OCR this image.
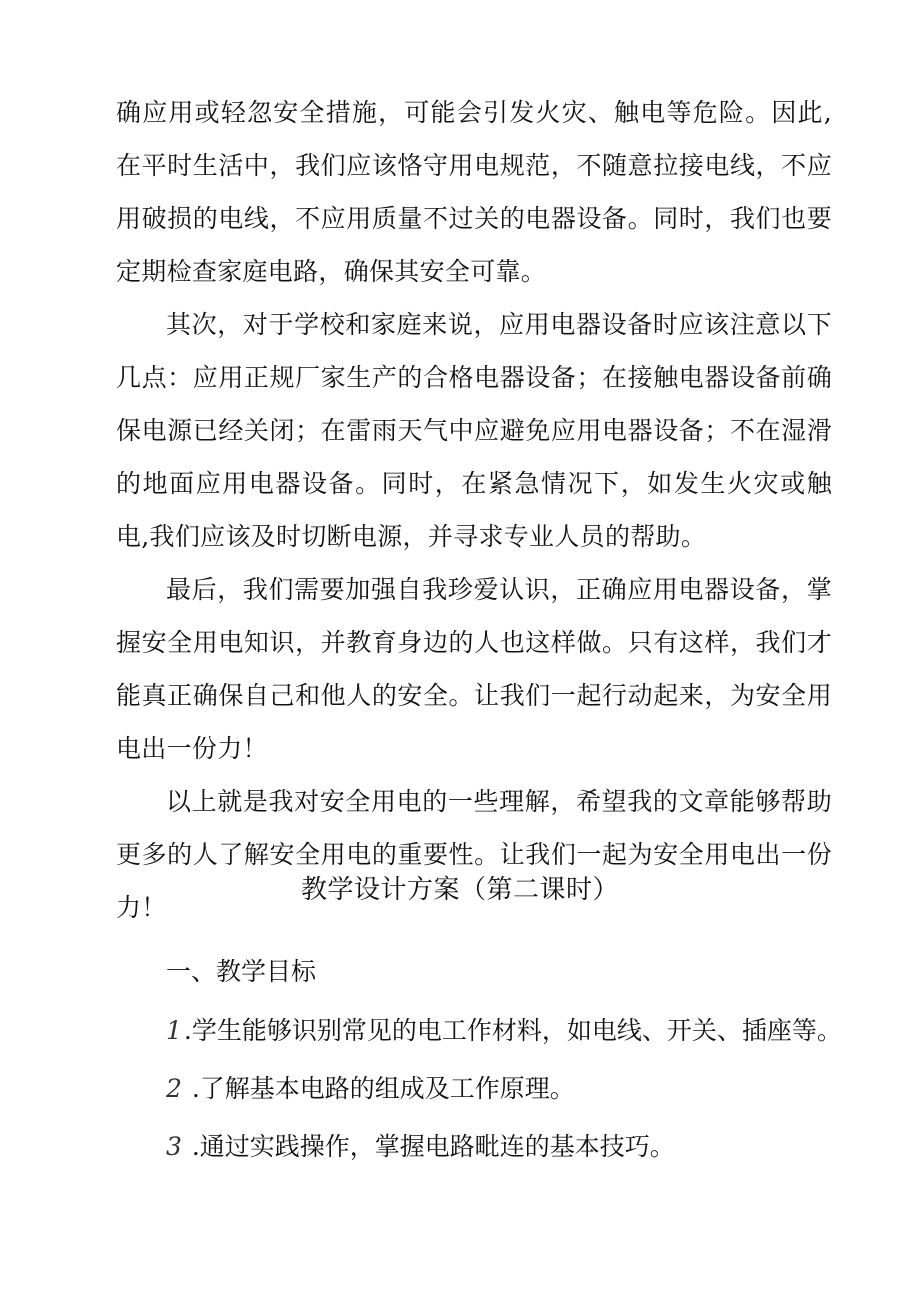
确应用或轻忽安全措施，可能会引发火灾、触电等危险。因此,在平时生活中，我们应该恪守用电规范，不随意拉接电线，不应用破损的电线，不应用质量不过关的电器设备。同时，我们也要定期检查家庭电路，确保其安全可靠。

其次，对于学校和家庭来说，应用电器设备时应该注意以下几点：应用正规厂家生产的合格电器设备；在接触电器设备前确保电源已经关闭；在雷雨天气中应避免应用电器设备；不在湿滑的地面应用电器设备。同时，在紧急情况下，如发生火灾或触电,我们应该及时切断电源，并寻求专业人员的帮助。

最后，我们需要加强自我珍爱认识，正确应用电器设备，掌握安全用电知识，并教育身边的人也这样做。只有这样，我们才能真正确保自己和他人的安全。让我们一起行动起来，为安全用电出一份力！

以上就是我对安全用电的一些理解，希望我的文章能够帮助更多的人了解安全用电的重要性。让我们一起为安全用电出一份力！

教学设计方案（第二课时）
一、教学目标
1.学生能够识别常见的电工作材料，如电线、开关、插座等。
2 .了解基本电路的组成及工作原理。
3 .通过实践操作，掌握电路毗连的基本技巧。
